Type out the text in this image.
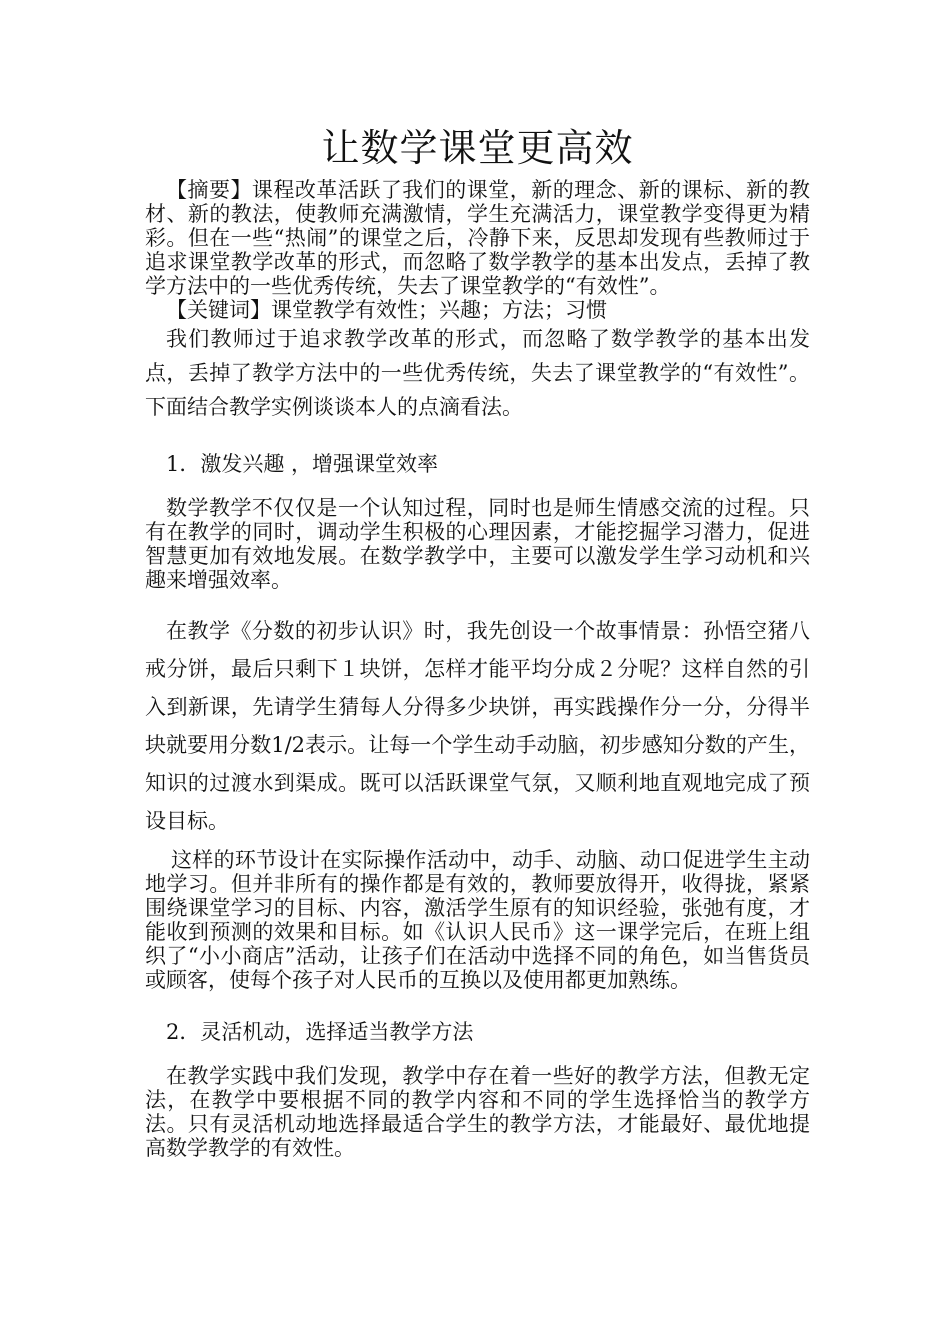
让数学课堂更高效

【摘要】课程改革活跃了我们的课堂，新的理念、新的课标、新的教材、新的教法，使教师充满激情，学生充满活力，课堂教学变得更为精彩。但在一些“热闹”的课堂之后，冷静下来，反思却发现有些教师过于追求课堂教学改革的形式，而忽略了数学教学的基本出发点，丢掉了教学方法中的一些优秀传统，失去了课堂教学的“有效性”。

【关键词】课堂教学有效性；兴趣；方法；习惯

我们教师过于追求教学改革的形式，而忽略了数学教学的基本出发点，丢掉了教学方法中的一些优秀传统，失去了课堂教学的“有效性”。下面结合教学实例谈谈本人的点滴看法。

1．激发兴趣 ，增强课堂效率

数学教学不仅仅是一个认知过程，同时也是师生情感交流的过程。只有在教学的同时，调动学生积极的心理因素，才能挖掘学习潜力，促进智慧更加有效地发展。在数学教学中，主要可以激发学生学习动机和兴趣来增强效率。

在教学《分数的初步认识》时，我先创设一个故事情景：孙悟空猪八戒分饼，最后只剩下１块饼，怎样才能平均分成２分呢？这样自然的引入到新课，先请学生猜每人分得多少块饼，再实践操作分一分，分得半块就要用分数1/2表示。让每一个学生动手动脑，初步感知分数的产生，知识的过渡水到渠成。既可以活跃课堂气氛，又顺利地直观地完成了预设目标。

这样的环节设计在实际操作活动中，动手、动脑、动口促进学生主动地学习。但并非所有的操作都是有效的，教师要放得开，收得拢，紧紧围绕课堂学习的目标、内容，激活学生原有的知识经验，张弛有度，才能收到预测的效果和目标。如《认识人民币》这一课学完后，在班上组织了“小小商店”活动，让孩子们在活动中选择不同的角色，如当售货员或顾客，使每个孩子对人民币的互换以及使用都更加熟练。

2．灵活机动，选择适当教学方法

在教学实践中我们发现，教学中存在着一些好的教学方法，但教无定法，在教学中要根据不同的教学内容和不同的学生选择恰当的教学方法。只有灵活机动地选择最适合学生的教学方法，才能最好、最优地提高数学教学的有效性。
